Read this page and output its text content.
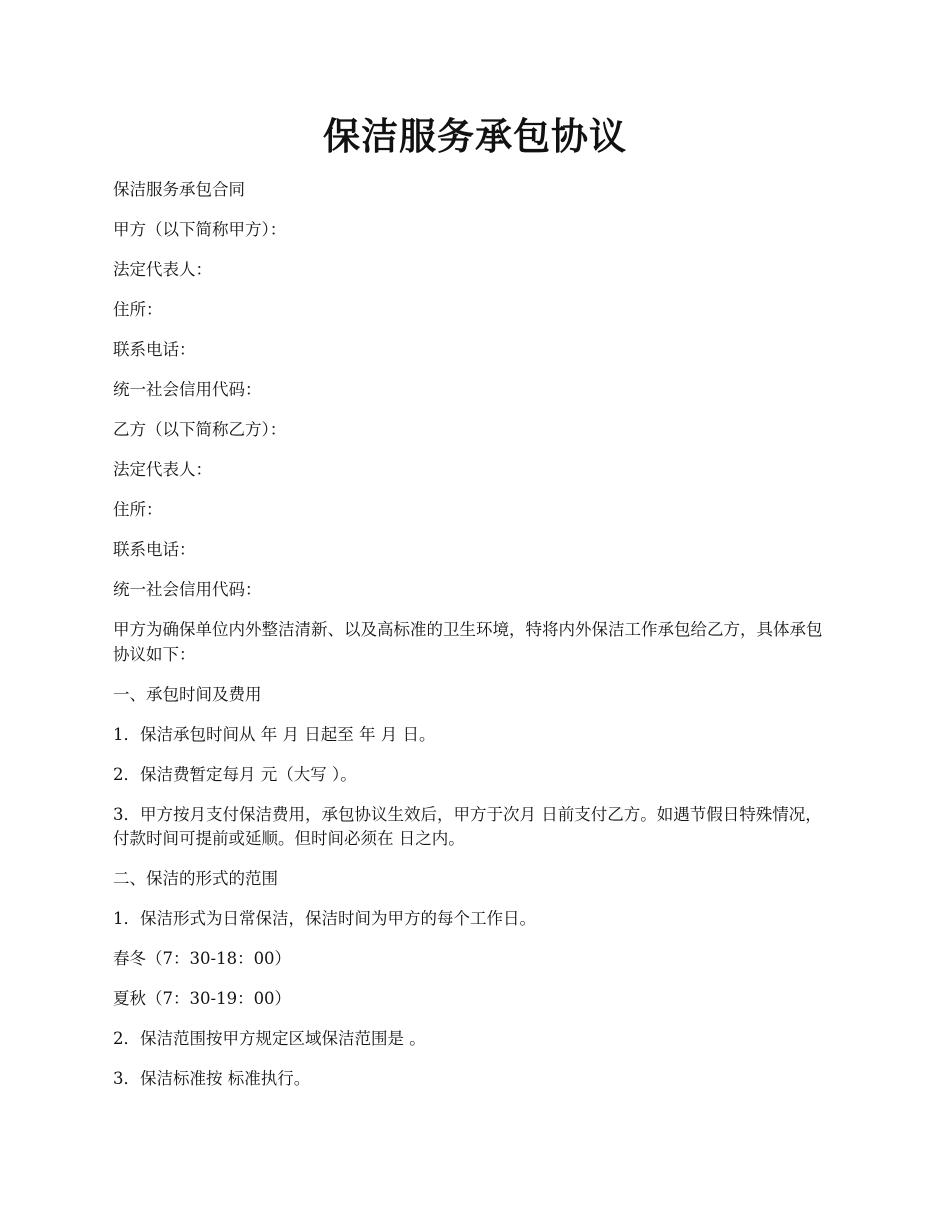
保洁服务承包协议

保洁服务承包合同

甲方（以下简称甲方）：

法定代表人：

住所：

联系电话：

统一社会信用代码：

乙方（以下简称乙方）：

法定代表人：

住所：

联系电话：

统一社会信用代码：

甲方为确保单位内外整洁清新、以及高标准的卫生环境，特将内外保洁工作承包给乙方，具体承包协议如下：

一、承包时间及费用

1．保洁承包时间从 年 月 日起至 年 月 日。

2．保洁费暂定每月 元（大写 ）。

3．甲方按月支付保洁费用，承包协议生效后，甲方于次月 日前支付乙方。如遇节假日特殊情况，付款时间可提前或延顺。但时间必须在 日之内。

二、保洁的形式的范围

1．保洁形式为日常保洁，保洁时间为甲方的每个工作日。

春冬（7：30-18：00）

夏秋（7：30-19：00）

2．保洁范围按甲方规定区域保洁范围是 。

3．保洁标准按 标准执行。
